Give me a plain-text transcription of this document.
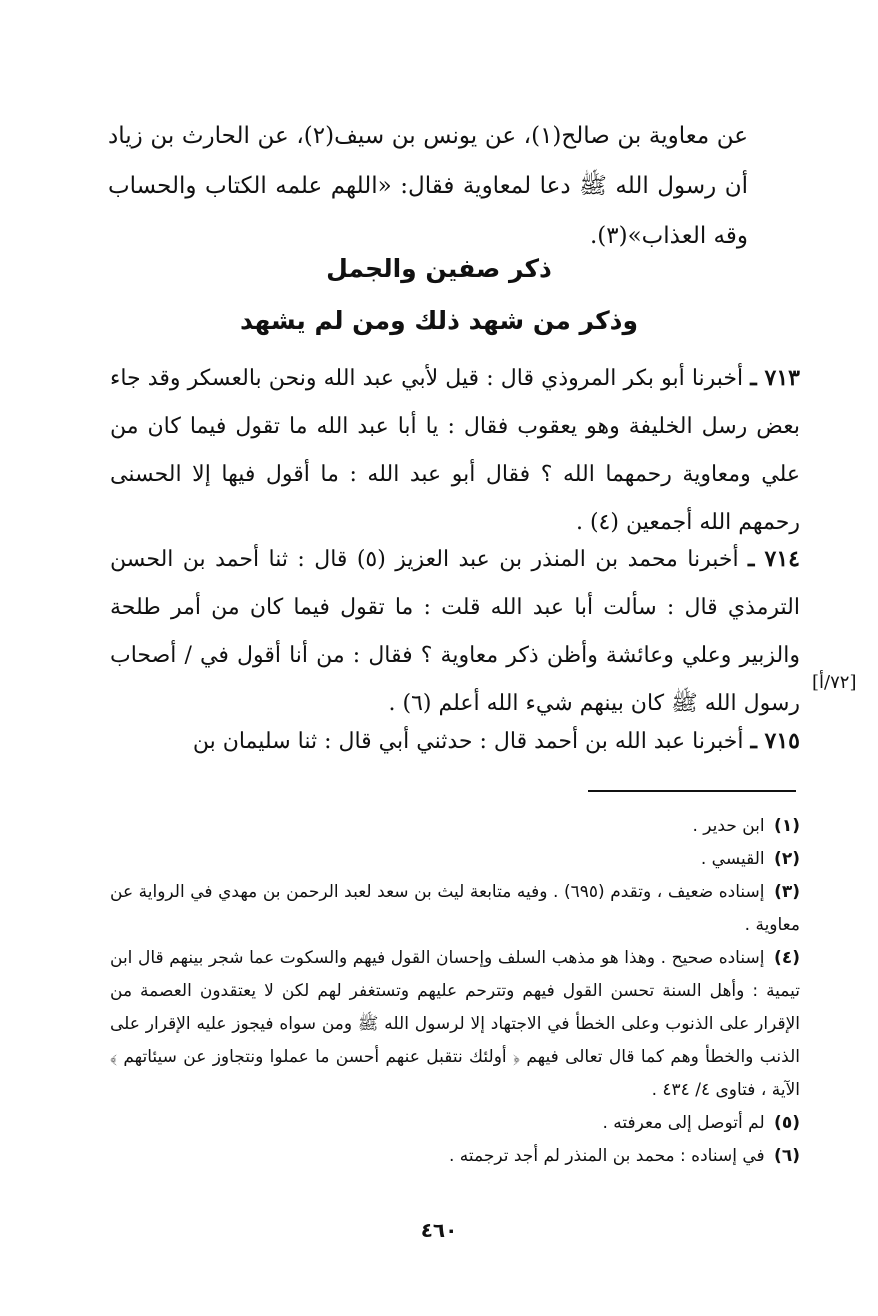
عن معاوية بن صالح(١)، عن يونس بن سيف(٢)، عن الحارث بن زياد أن رسول الله ﷺ دعا لمعاوية فقال: «اللهم علمه الكتاب والحساب وقه العذاب»(٣).

ذكر صفين والجمل
وذكر من شهد ذلك ومن لم يشهد
٧١٣ ـ أخبرنا أبو بكر المروذي قال : قيل لأبي عبد الله ونحن بالعسكر وقد جاء بعض رسل الخليفة وهو يعقوب فقال : يا أبا عبد الله ما تقول فيما كان من علي ومعاوية رحمهما الله ؟ فقال أبو عبد الله : ما أقول فيها إلا الحسنى رحمهم الله أجمعين (٤) .
٧١٤ ـ أخبرنا محمد بن المنذر بن عبد العزيز (٥) قال : ثنا أحمد بن الحسن الترمذي قال : سألت أبا عبد الله قلت : ما تقول فيما كان من أمر طلحة والزبير وعلي وعائشة وأظن ذكر معاوية ؟ فقال : من أنا أقول في / أصحاب رسول الله ﷺ كان بينهم شيء الله أعلم (٦) .
[٧٢/أ]
٧١٥ ـ أخبرنا عبد الله بن أحمد قال : حدثني أبي قال : ثنا سليمان بن

(١) ابن حدير .

(٢) القيسي .

(٣) إسناده ضعيف ، وتقدم (٦٩٥) . وفيه متابعة ليث بن سعد لعبد الرحمن بن مهدي في الرواية عن معاوية .

(٤) إسناده صحيح . وهذا هو مذهب السلف وإحسان القول فيهم والسكوت عما شجر بينهم قال ابن تيمية : وأهل السنة تحسن القول فيهم وتترحم عليهم وتستغفر لهم لكن لا يعتقدون العصمة من الإقرار على الذنوب وعلى الخطأ في الاجتهاد إلا لرسول الله ﷺ ومن سواه فيجوز عليه الإقرار على الذنب والخطأ وهم كما قال تعالى فيهم ﴿ أولئك نتقبل عنهم أحسن ما عملوا ونتجاوز عن سيئاتهم ﴾ الآية ، فتاوى ٤/ ٤٣٤ .

(٥) لم أتوصل إلى معرفته .

(٦) في إسناده : محمد بن المنذر لم أجد ترجمته .

٤٦٠
